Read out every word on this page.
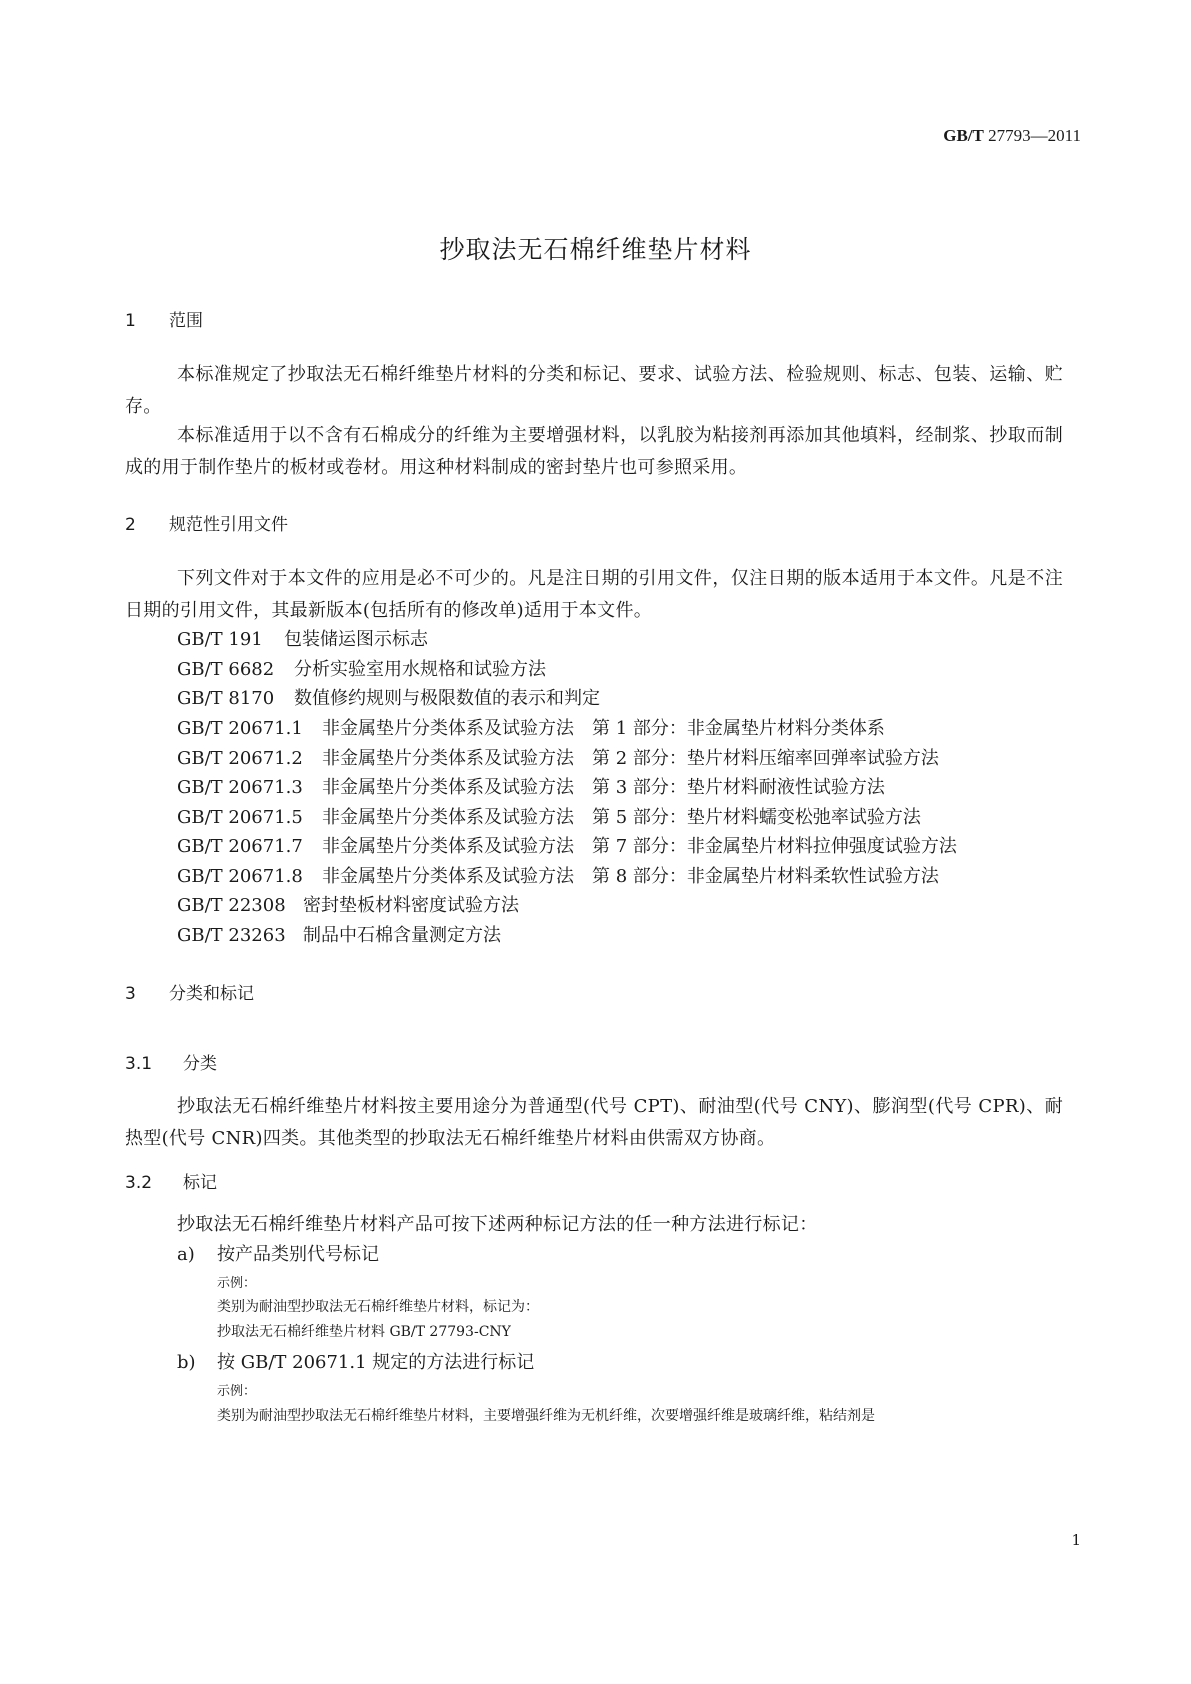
GB/T 27793—2011
抄取法无石棉纤维垫片材料
1 范围
本标准规定了抄取法无石棉纤维垫片材料的分类和标记、要求、试验方法、检验规则、标志、包装、运输、贮存。
本标准适用于以不含有石棉成分的纤维为主要增强材料，以乳胶为粘接剂再添加其他填料，经制浆、抄取而制成的用于制作垫片的板材或卷材。用这种材料制成的密封垫片也可参照采用。
2 规范性引用文件
下列文件对于本文件的应用是必不可少的。凡是注日期的引用文件，仅注日期的版本适用于本文件。凡是不注日期的引用文件，其最新版本(包括所有的修改单)适用于本文件。
GB/T 191 包装储运图示标志
GB/T 6682 分析实验室用水规格和试验方法
GB/T 8170 数值修约规则与极限数值的表示和判定
GB/T 20671.1 非金属垫片分类体系及试验方法　第 1 部分：非金属垫片材料分类体系
GB/T 20671.2 非金属垫片分类体系及试验方法　第 2 部分：垫片材料压缩率回弹率试验方法
GB/T 20671.3 非金属垫片分类体系及试验方法　第 3 部分：垫片材料耐液性试验方法
GB/T 20671.5 非金属垫片分类体系及试验方法　第 5 部分：垫片材料蠕变松弛率试验方法
GB/T 20671.7 非金属垫片分类体系及试验方法　第 7 部分：非金属垫片材料拉伸强度试验方法
GB/T 20671.8 非金属垫片分类体系及试验方法　第 8 部分：非金属垫片材料柔软性试验方法
GB/T 22308 密封垫板材料密度试验方法
GB/T 23263 制品中石棉含量测定方法
3 分类和标记
3.1 分类
抄取法无石棉纤维垫片材料按主要用途分为普通型(代号 CPT)、耐油型(代号 CNY)、膨润型(代号 CPR)、耐热型(代号 CNR)四类。其他类型的抄取法无石棉纤维垫片材料由供需双方协商。
3.2 标记
抄取法无石棉纤维垫片材料产品可按下述两种标记方法的任一种方法进行标记：
a) 按产品类别代号标记
示例：
类别为耐油型抄取法无石棉纤维垫片材料，标记为：
抄取法无石棉纤维垫片材料 GB/T 27793-CNY
b) 按 GB/T 20671.1 规定的方法进行标记
示例：
类别为耐油型抄取法无石棉纤维垫片材料，主要增强纤维为无机纤维，次要增强纤维是玻璃纤维，粘结剂是
1
